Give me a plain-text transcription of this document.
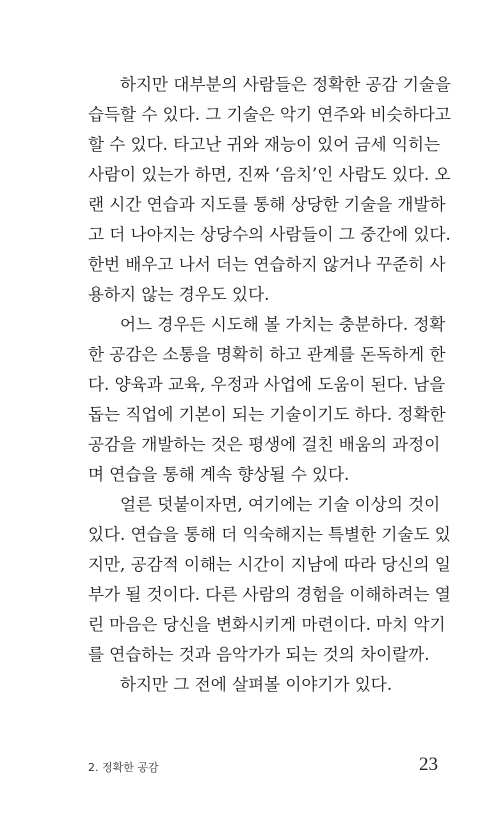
하지만 대부분의 사람들은 정확한 공감 기술을
습득할 수 있다. 그 기술은 악기 연주와 비슷하다고
할 수 있다. 타고난 귀와 재능이 있어 금세 익히는
사람이 있는가 하면, 진짜 ‘음치’인 사람도 있다. 오
랜 시간 연습과 지도를 통해 상당한 기술을 개발하
고 더 나아지는 상당수의 사람들이 그 중간에 있다.
한번 배우고 나서 더는 연습하지 않거나 꾸준히 사
용하지 않는 경우도 있다.
어느 경우든 시도해 볼 가치는 충분하다. 정확
한 공감은 소통을 명확히 하고 관계를 돈독하게 한
다. 양육과 교육, 우정과 사업에 도움이 된다. 남을
돕는 직업에 기본이 되는 기술이기도 하다. 정확한
공감을 개발하는 것은 평생에 걸친 배움의 과정이
며 연습을 통해 계속 향상될 수 있다.
얼른 덧붙이자면, 여기에는 기술 이상의 것이
있다. 연습을 통해 더 익숙해지는 특별한 기술도 있
지만, 공감적 이해는 시간이 지남에 따라 당신의 일
부가 될 것이다. 다른 사람의 경험을 이해하려는 열
린 마음은 당신을 변화시키게 마련이다. 마치 악기
를 연습하는 것과 음악가가 되는 것의 차이랄까.
하지만 그 전에 살펴볼 이야기가 있다.
2. 정확한 공감	23
